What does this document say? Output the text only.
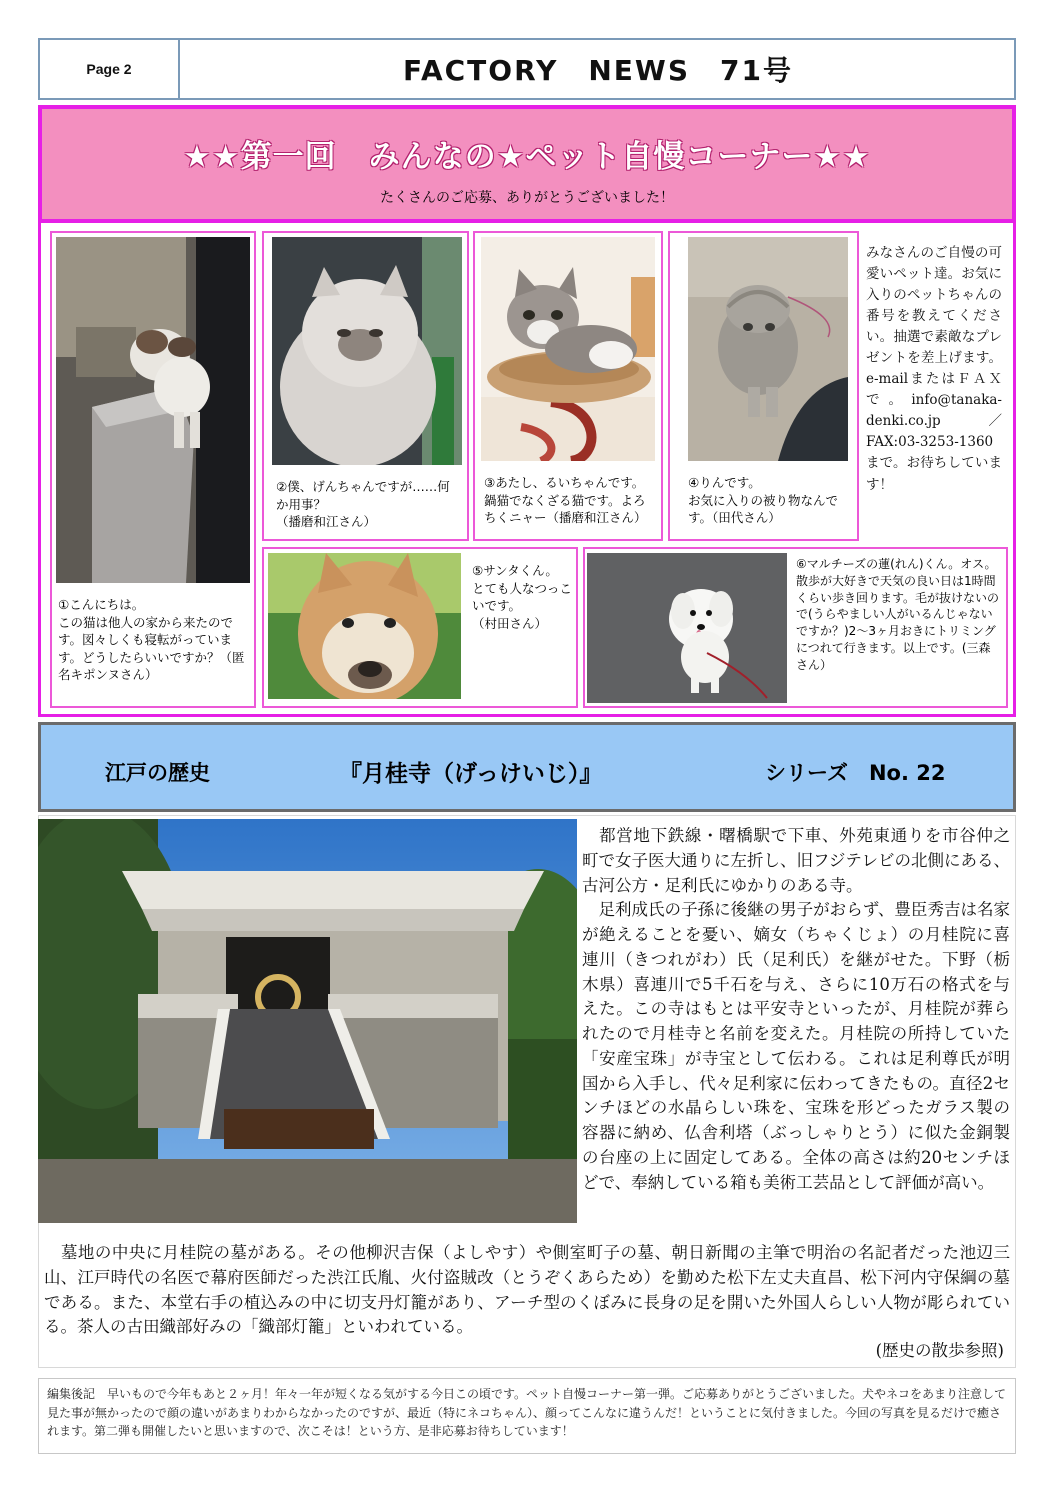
Page 2	FACTORY　NEWS　71号
★★第一回　みんなの★ペット自慢コーナー★★
たくさんのご応募、ありがとうございました！
①こんにちは。
この猫は他人の家から来たのです。図々しくも寝転がっています。どうしたらいいですか？（匿名キポンヌさん）
②僕、げんちゃんですが……何か用事？
（播磨和江さん）
③あたし、るいちゃんです。鍋猫でなくざる猫です。よろちくニャー（播磨和江さん）
④りんです。
お気に入りの被り物なんです。（田代さん）
みなさんのご自慢の可愛いペット達。お気に入りのペットちゃんの番号を教えてください。抽選で素敵なプレゼントを差上げます。e-mailまたはＦＡＸで。info@tanaka-denki.co.jp　／FAX:03-3253-1360まで。お待ちしています！
⑤サンタくん。
とても人なつっこいです。
（村田さん）
⑥マルチーズの蓮(れん)くん。オス。散歩が大好きで天気の良い日は1時間くらい歩き回ります。毛が抜けないので(うらやましい人がいるんじゃないですか？)2～3ヶ月おきにトリミングにつれて行きます。以上です。(三森さん）
江戸の歴史	『月桂寺（げっけいじ）』	シリーズ　No. 22
　都営地下鉄線・曙橋駅で下車、外苑東通りを市谷仲之町で女子医大通りに左折し、旧フジテレビの北側にある、古河公方・足利氏にゆかりのある寺。
　足利成氏の子孫に後継の男子がおらず、豊臣秀吉は名家が絶えることを憂い、嫡女（ちゃくじょ）の月桂院に喜連川（きつれがわ）氏（足利氏）を継がせた。下野（栃木県）喜連川で5千石を与え、さらに10万石の格式を与えた。この寺はもとは平安寺といったが、月桂院が葬られたので月桂寺と名前を変えた。月桂院の所持していた「安産宝珠」が寺宝として伝わる。これは足利尊氏が明国から入手し、代々足利家に伝わってきたもの。直径2センチほどの水晶らしい珠を、宝珠を形どったガラス製の容器に納め、仏舎利塔（ぶっしゃりとう）に似た金銅製の台座の上に固定してある。全体の高さは約20センチほどで、奉納している箱も美術工芸品として評価が高い。
　墓地の中央に月桂院の墓がある。その他柳沢吉保（よしやす）や側室町子の墓、朝日新聞の主筆で明治の名記者だった池辺三山、江戸時代の名医で幕府医師だった渋江氏胤、火付盗賊改（とうぞくあらため）を勤めた松下左丈夫直昌、松下河内守保綱の墓である。また、本堂右手の植込みの中に切支丹灯籠があり、アーチ型のくぼみに長身の足を開いた外国人らしい人物が彫られている。茶人の古田織部好みの「織部灯籠」といわれている。
(歴史の散歩参照)
編集後記　早いもので今年もあと２ヶ月！年々一年が短くなる気がする今日この頃です。ペット自慢コーナー第一弾。ご応募ありがとうございました。犬やネコをあまり注意して見た事が無かったので顔の違いがあまりわからなかったのですが、最近（特にネコちゃん）、顔ってこんなに違うんだ！ということに気付きました。今回の写真を見るだけで癒されます。第二弾も開催したいと思いますので、次こそは！という方、是非応募お待ちしています！
